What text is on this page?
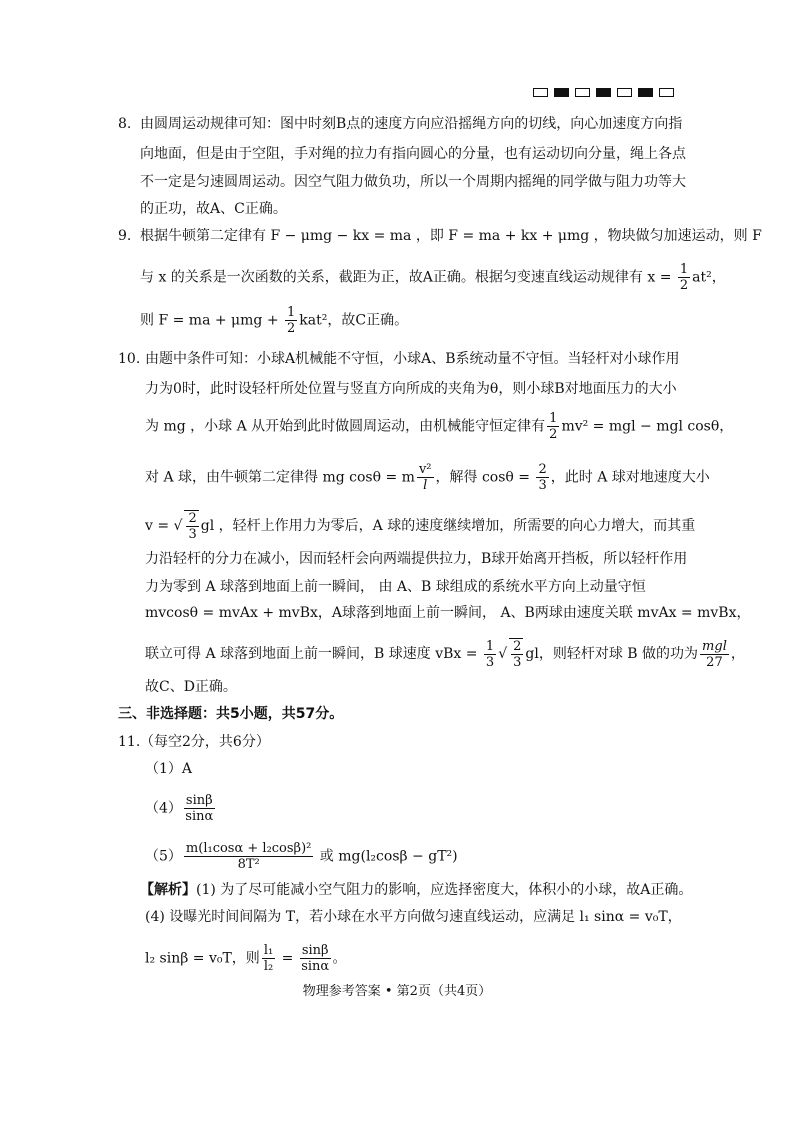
8. 由圆周运动规律可知：图中时刻B点的速度方向应沿摇绳方向的切线，向心加速度方向指
向地面，但是由于空阻，手对绳的拉力有指向圆心的分量，也有运动切向分量，绳上各点
不一定是匀速圆周运动。因空气阻力做负功，所以一个周期内摇绳的同学做与阻力功等大
的正功，故A、C正确。
9. 根据牛顿第二定律有 F − μmg − kx = ma ，即 F = ma + kx + μmg ，物块做匀加速运动，则 F
与 x 的关系是一次函数的关系，截距为正，故A正确。根据匀变速直线运动规律有 $x = \frac{1}{2} at^2$，
则 F = ma + $\mu mg + \frac{1}{2} kat^2$，故C正确。
10. 由题中条件可知：小球A机械能不守恒，小球A、B系统动量不守恒。当轻杆对小球作用
力为0时，此时设轻杆所处位置与竖直方向所成的夹角为θ，则小球B对地面压力的大小
为 mg ，小球 A 从开始到此时做圆周运动，由机械能守恒定律有 $\frac{1}{2} mv^2$ = mgl − mgl cosθ，
对 A 球，由牛顿第二定律得 mg cosθ = m $\frac{\text{v²}}{l}$ ，解得 $\cos\theta = \frac{2}{3}$ ，此时 A 球对地速度大小
v = √ $\frac{2}{3}$ gl ，轻杆上作用力为零后，A 球的速度继续增加，所需要的向心力增大，而其重
力沿轻杆的分力在减小，因而轻杆会向两端提供拉力，B球开始离开挡板，所以轻杆作用
力为零到 A 球落到地面上前一瞬间， 由 A、B 球组成的系统水平方向上动量守恒
mvcosθ = mvAx + mvBx，A球落到地面上前一瞬间， A、B两球由速度关联 mvAx = mvBx，
联立可得 A 球落到地面上前一瞬间，B 球速度 vBx = $\frac{1}{3}$ √ $\frac{2}{3}$ gl，则轻杆对球 B 做的功为 $\frac{\text{mgl}}{27}$ ，
故C、D正确。
三、非选择题：共5小题，共57分。
11. （每空2分，共6分）
（1）A
$(4) \frac{\sin\beta}{\sin\alpha}$
$(5) \frac{\text{m(l₁cosα + l₂cosβ)²}}{\text{8T²}}$ 或 mg(l₂cosβ − gT²)
【解析】(1) 为了尽可能减小空气阻力的影响，应选择密度大，体积小的小球，故A正确。
(4) 设曝光时间间隔为 T，若小球在水平方向做匀速直线运动，应满足 l₁ sinα = v₀T，
l₂ sinβ = v₀T，则 $\frac{\text{l₁}}{\text{l₂}} = \frac{\sin\beta}{\sin\alpha}$ 。
物理参考答案 • 第2页（共4页）
